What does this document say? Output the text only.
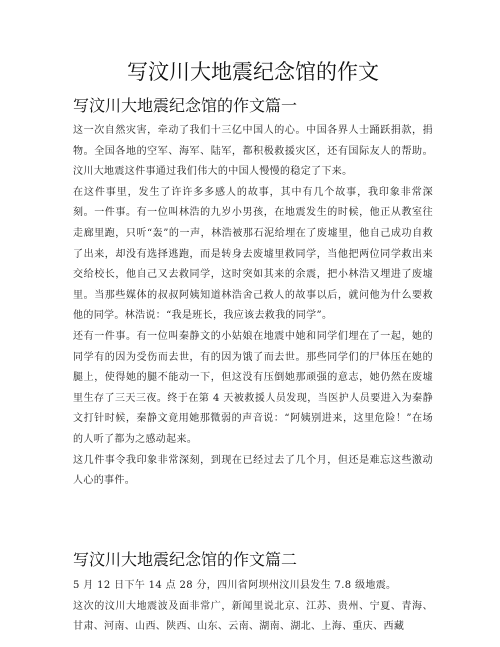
写汶川大地震纪念馆的作文
写汶川大地震纪念馆的作文篇一

这一次自然灾害，牵动了我们十三亿中国人的心。中国各界人士踊跃捐款，捐物。全国各地的空军、海军、陆军，都积极救援灾区，还有国际友人的帮助。汶川大地震这件事通过我们伟大的中国人慢慢的稳定了下来。

在这件事里，发生了许许多多感人的故事，其中有几个故事，我印象非常深刻。一件事。有一位叫林浩的九岁小男孩，在地震发生的时候，他正从教室往走廊里跑，只听“轰”的一声，林浩被那石泥给埋在了废墟里，他自己成功自救了出来，却没有选择逃跑，而是转身去废墟里救同学，当他把两位同学救出来交给校长，他自己又去救同学，这时突如其来的余震，把小林浩又埋进了废墟里。当那些媒体的叔叔阿姨知道林浩舍己救人的故事以后，就问他为什么要救他的同学。林浩说：“我是班长，我应该去救我的同学”。

还有一件事。有一位叫秦静文的小姑娘在地震中她和同学们埋在了一起，她的同学有的因为受伤而去世，有的因为饿了而去世。那些同学们的尸体压在她的腿上，使得她的腿不能动一下，但这没有压倒她那顽强的意志，她仍然在废墟里生存了三天三夜。终于在第 4 天被救援人员发现，当医护人员要进入为秦静文打针时候，秦静文竟用她那微弱的声音说：“阿姨别进来，这里危险！”在场的人听了都为之感动起来。

这几件事令我印象非常深刻，到现在已经过去了几个月，但还是难忘这些激动人心的事件。

写汶川大地震纪念馆的作文篇二

5 月 12 日下午 14 点 28 分，四川省阿坝州汶川县发生 7.8 级地震。

这次的汶川大地震波及面非常广，新闻里说北京、江苏、贵州、宁夏、青海、甘肃、河南、山西、陕西、山东、云南、湖南、湖北、上海、重庆、西藏
